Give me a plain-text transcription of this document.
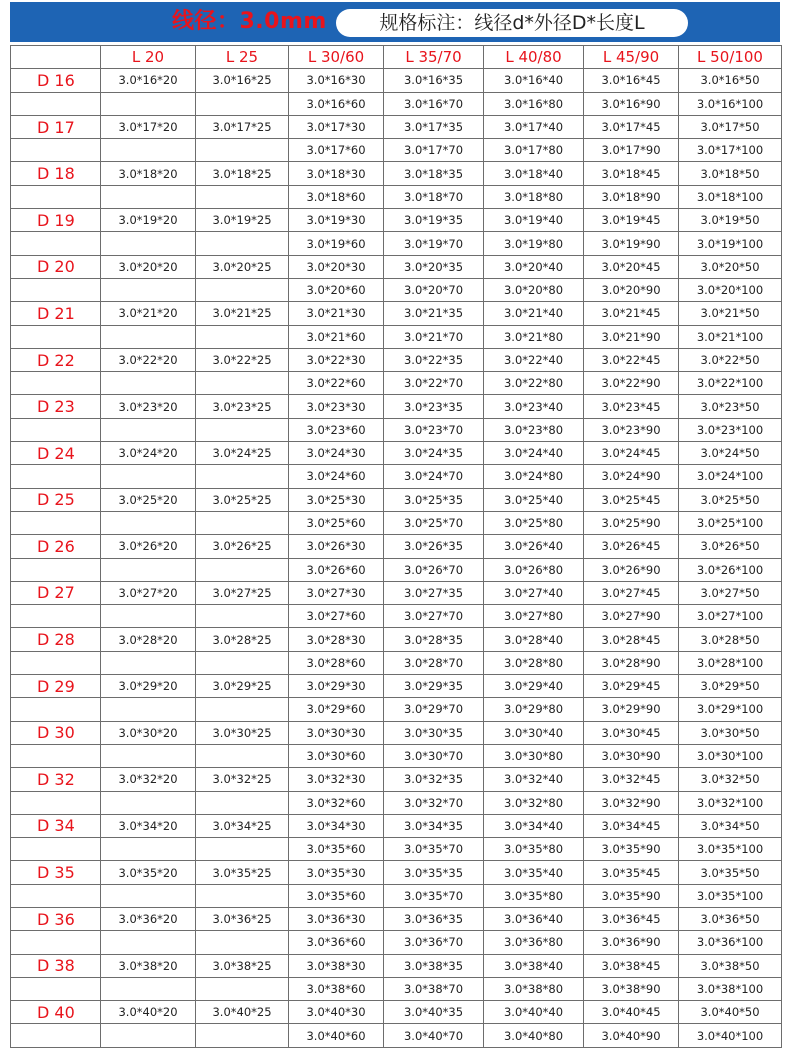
线径：3.0mm	规格标注：线径d*外径D*长度L
	L 20	L 25	L 30/60	L 35/70	L 40/80	L 45/90	L 50/100
D 16	3.0*16*20	3.0*16*25	3.0*16*30	3.0*16*35	3.0*16*40	3.0*16*45	3.0*16*50
			3.0*16*60	3.0*16*70	3.0*16*80	3.0*16*90	3.0*16*100
D 17	3.0*17*20	3.0*17*25	3.0*17*30	3.0*17*35	3.0*17*40	3.0*17*45	3.0*17*50
			3.0*17*60	3.0*17*70	3.0*17*80	3.0*17*90	3.0*17*100
D 18	3.0*18*20	3.0*18*25	3.0*18*30	3.0*18*35	3.0*18*40	3.0*18*45	3.0*18*50
			3.0*18*60	3.0*18*70	3.0*18*80	3.0*18*90	3.0*18*100
D 19	3.0*19*20	3.0*19*25	3.0*19*30	3.0*19*35	3.0*19*40	3.0*19*45	3.0*19*50
			3.0*19*60	3.0*19*70	3.0*19*80	3.0*19*90	3.0*19*100
D 20	3.0*20*20	3.0*20*25	3.0*20*30	3.0*20*35	3.0*20*40	3.0*20*45	3.0*20*50
			3.0*20*60	3.0*20*70	3.0*20*80	3.0*20*90	3.0*20*100
D 21	3.0*21*20	3.0*21*25	3.0*21*30	3.0*21*35	3.0*21*40	3.0*21*45	3.0*21*50
			3.0*21*60	3.0*21*70	3.0*21*80	3.0*21*90	3.0*21*100
D 22	3.0*22*20	3.0*22*25	3.0*22*30	3.0*22*35	3.0*22*40	3.0*22*45	3.0*22*50
			3.0*22*60	3.0*22*70	3.0*22*80	3.0*22*90	3.0*22*100
D 23	3.0*23*20	3.0*23*25	3.0*23*30	3.0*23*35	3.0*23*40	3.0*23*45	3.0*23*50
			3.0*23*60	3.0*23*70	3.0*23*80	3.0*23*90	3.0*23*100
D 24	3.0*24*20	3.0*24*25	3.0*24*30	3.0*24*35	3.0*24*40	3.0*24*45	3.0*24*50
			3.0*24*60	3.0*24*70	3.0*24*80	3.0*24*90	3.0*24*100
D 25	3.0*25*20	3.0*25*25	3.0*25*30	3.0*25*35	3.0*25*40	3.0*25*45	3.0*25*50
			3.0*25*60	3.0*25*70	3.0*25*80	3.0*25*90	3.0*25*100
D 26	3.0*26*20	3.0*26*25	3.0*26*30	3.0*26*35	3.0*26*40	3.0*26*45	3.0*26*50
			3.0*26*60	3.0*26*70	3.0*26*80	3.0*26*90	3.0*26*100
D 27	3.0*27*20	3.0*27*25	3.0*27*30	3.0*27*35	3.0*27*40	3.0*27*45	3.0*27*50
			3.0*27*60	3.0*27*70	3.0*27*80	3.0*27*90	3.0*27*100
D 28	3.0*28*20	3.0*28*25	3.0*28*30	3.0*28*35	3.0*28*40	3.0*28*45	3.0*28*50
			3.0*28*60	3.0*28*70	3.0*28*80	3.0*28*90	3.0*28*100
D 29	3.0*29*20	3.0*29*25	3.0*29*30	3.0*29*35	3.0*29*40	3.0*29*45	3.0*29*50
			3.0*29*60	3.0*29*70	3.0*29*80	3.0*29*90	3.0*29*100
D 30	3.0*30*20	3.0*30*25	3.0*30*30	3.0*30*35	3.0*30*40	3.0*30*45	3.0*30*50
			3.0*30*60	3.0*30*70	3.0*30*80	3.0*30*90	3.0*30*100
D 32	3.0*32*20	3.0*32*25	3.0*32*30	3.0*32*35	3.0*32*40	3.0*32*45	3.0*32*50
			3.0*32*60	3.0*32*70	3.0*32*80	3.0*32*90	3.0*32*100
D 34	3.0*34*20	3.0*34*25	3.0*34*30	3.0*34*35	3.0*34*40	3.0*34*45	3.0*34*50
			3.0*35*60	3.0*35*70	3.0*35*80	3.0*35*90	3.0*35*100
D 35	3.0*35*20	3.0*35*25	3.0*35*30	3.0*35*35	3.0*35*40	3.0*35*45	3.0*35*50
			3.0*35*60	3.0*35*70	3.0*35*80	3.0*35*90	3.0*35*100
D 36	3.0*36*20	3.0*36*25	3.0*36*30	3.0*36*35	3.0*36*40	3.0*36*45	3.0*36*50
			3.0*36*60	3.0*36*70	3.0*36*80	3.0*36*90	3.0*36*100
D 38	3.0*38*20	3.0*38*25	3.0*38*30	3.0*38*35	3.0*38*40	3.0*38*45	3.0*38*50
			3.0*38*60	3.0*38*70	3.0*38*80	3.0*38*90	3.0*38*100
D 40	3.0*40*20	3.0*40*25	3.0*40*30	3.0*40*35	3.0*40*40	3.0*40*45	3.0*40*50
			3.0*40*60	3.0*40*70	3.0*40*80	3.0*40*90	3.0*40*100
